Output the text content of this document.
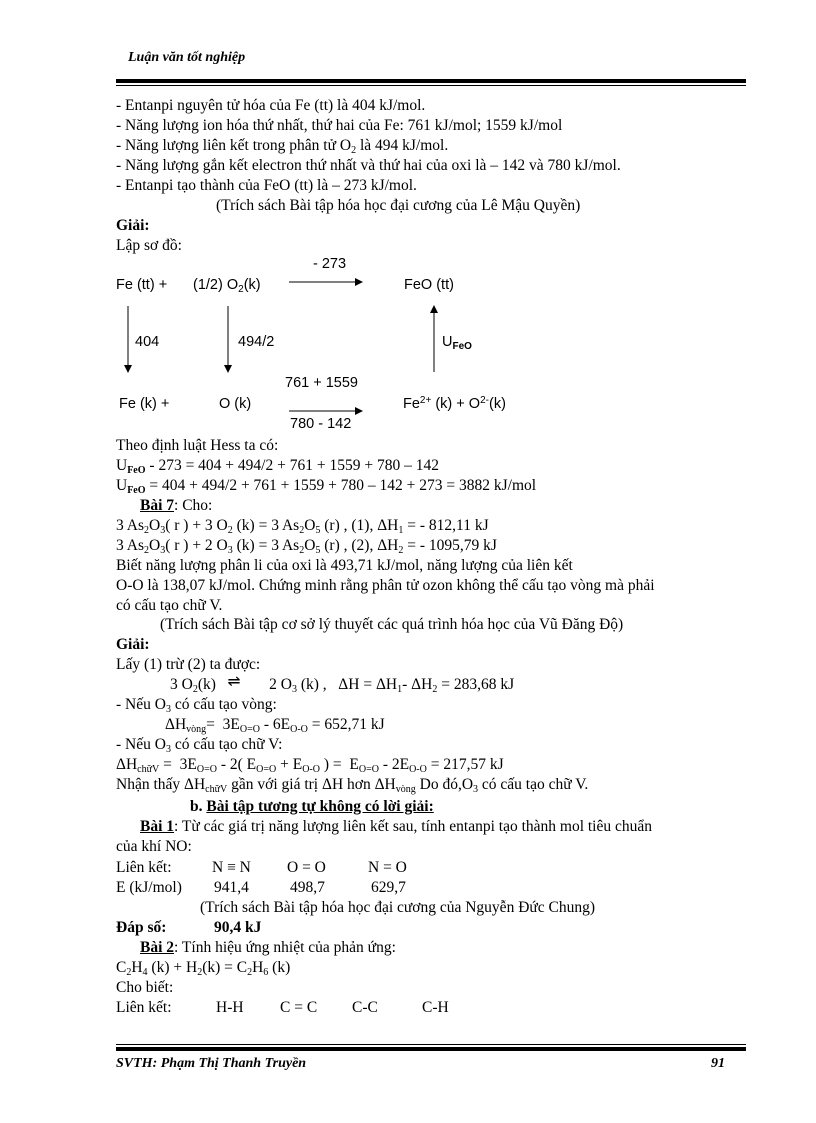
Luận văn tốt nghiệp
- Entanpi nguyên tử hóa của Fe (tt) là 404 kJ/mol.
- Năng lượng ion hóa thứ nhất, thứ hai của Fe: 761 kJ/mol; 1559 kJ/mol
- Năng lượng liên kết trong phân tử $O_2$ là 494 kJ/mol.
- Năng lượng gắn kết electron thứ nhất và thứ hai của oxi là – 142 và 780 kJ/mol.
- Entanpi tạo thành của FeO (tt) là – 273 kJ/mol.
(Trích sách Bài tập hóa học đại cương của Lê Mậu Quyền)
Giải:
Lập sơ đồ:
- 273
Fe (tt) + (1/2) $O_2(k)$	FeO (tt)
404	494/2	$U_{FeO}$
761 + 1559
Fe (k) +	O (k)	$Fe^{2+}$ $(k) + O^{2-}(k)$
780 - 142
Theo định luật Hess ta có:
$U_{FeO} - 273 = 404 + 494/2 + 761 + 1559 + 780 - 142$
$U_{FeO} = 404 + 494/2 + 761 + 1559 + 780 - 142 + 273 = 3882$ kJ/mol
Bài 7: Cho:
3 $As_2O_3$( r ) + 3 $O_2$ (k) = 3 $As_2O_5$ (r) , (1), $\Delta H_1$ = - 812,11 kJ
3 $As_2O_3$( r ) + 2 $O_3$ (k) = 3 $As_2O_5$ (r) , (2), $\Delta H_2$ = - 1095,79 kJ
Biết năng lượng phân li của oxi là 493,71 kJ/mol, năng lượng của liên kết
O-O là 138,07 kJ/mol. Chứng minh rằng phân tử ozon không thể cấu tạo vòng mà phải
có cấu tạo chữ V.
(Trích sách Bài tập cơ sở lý thuyết các quá trình hóa học của Vũ Đăng Độ)
Giải:
Lấy (1) trừ (2) ta được:
3 $O_2(k)$   ⇌   2 $O_3$ (k) ,   $\Delta H = \Delta H_1-$ $\Delta H_2 = 283,68$ kJ
- Nếu $O_3$ có cấu tạo vòng:
$\Delta H_{vòng}= 3E_{O=O} - 6E_{O-O} = 652,71$ kJ
- Nếu $O_3$ có cấu tạo chữ V:
$\Delta H_{chữV} = 3E_{O=O} - 2$( $E_{O=O} + E_{O-O}$ ) =  $E_{O=O} - 2E_{O-O} = 217,57$ kJ
Nhận thấy $\Delta H_{chữV}$ gần với giá trị ΔH hơn $\Delta H_{vòng}$ Do $đó,O_3$ có cấu tạo chữ V.
b. Bài tập tương tự không có lời giải:
Bài 1: Từ các giá trị năng lượng liên kết sau, tính entanpi tạo thành mol tiêu chuẩn
của khí NO:
Liên kết:	N ≡ N O = O	N = O
E (kJ/mol) 941,4	498,7	629,7
(Trích sách Bài tập hóa học đại cương của Nguyễn Đức Chung)
Đáp số:	90,4 kJ
Bài 2: Tính hiệu ứng nhiệt của phản ứng:
$C_2H_4$ $(k) + H_2(k) = C_2H_6$ (k)
Cho biết:
Liên kết:	H-H C = C C-C	C-H
SVTH: Phạm Thị Thanh Truyền	91
